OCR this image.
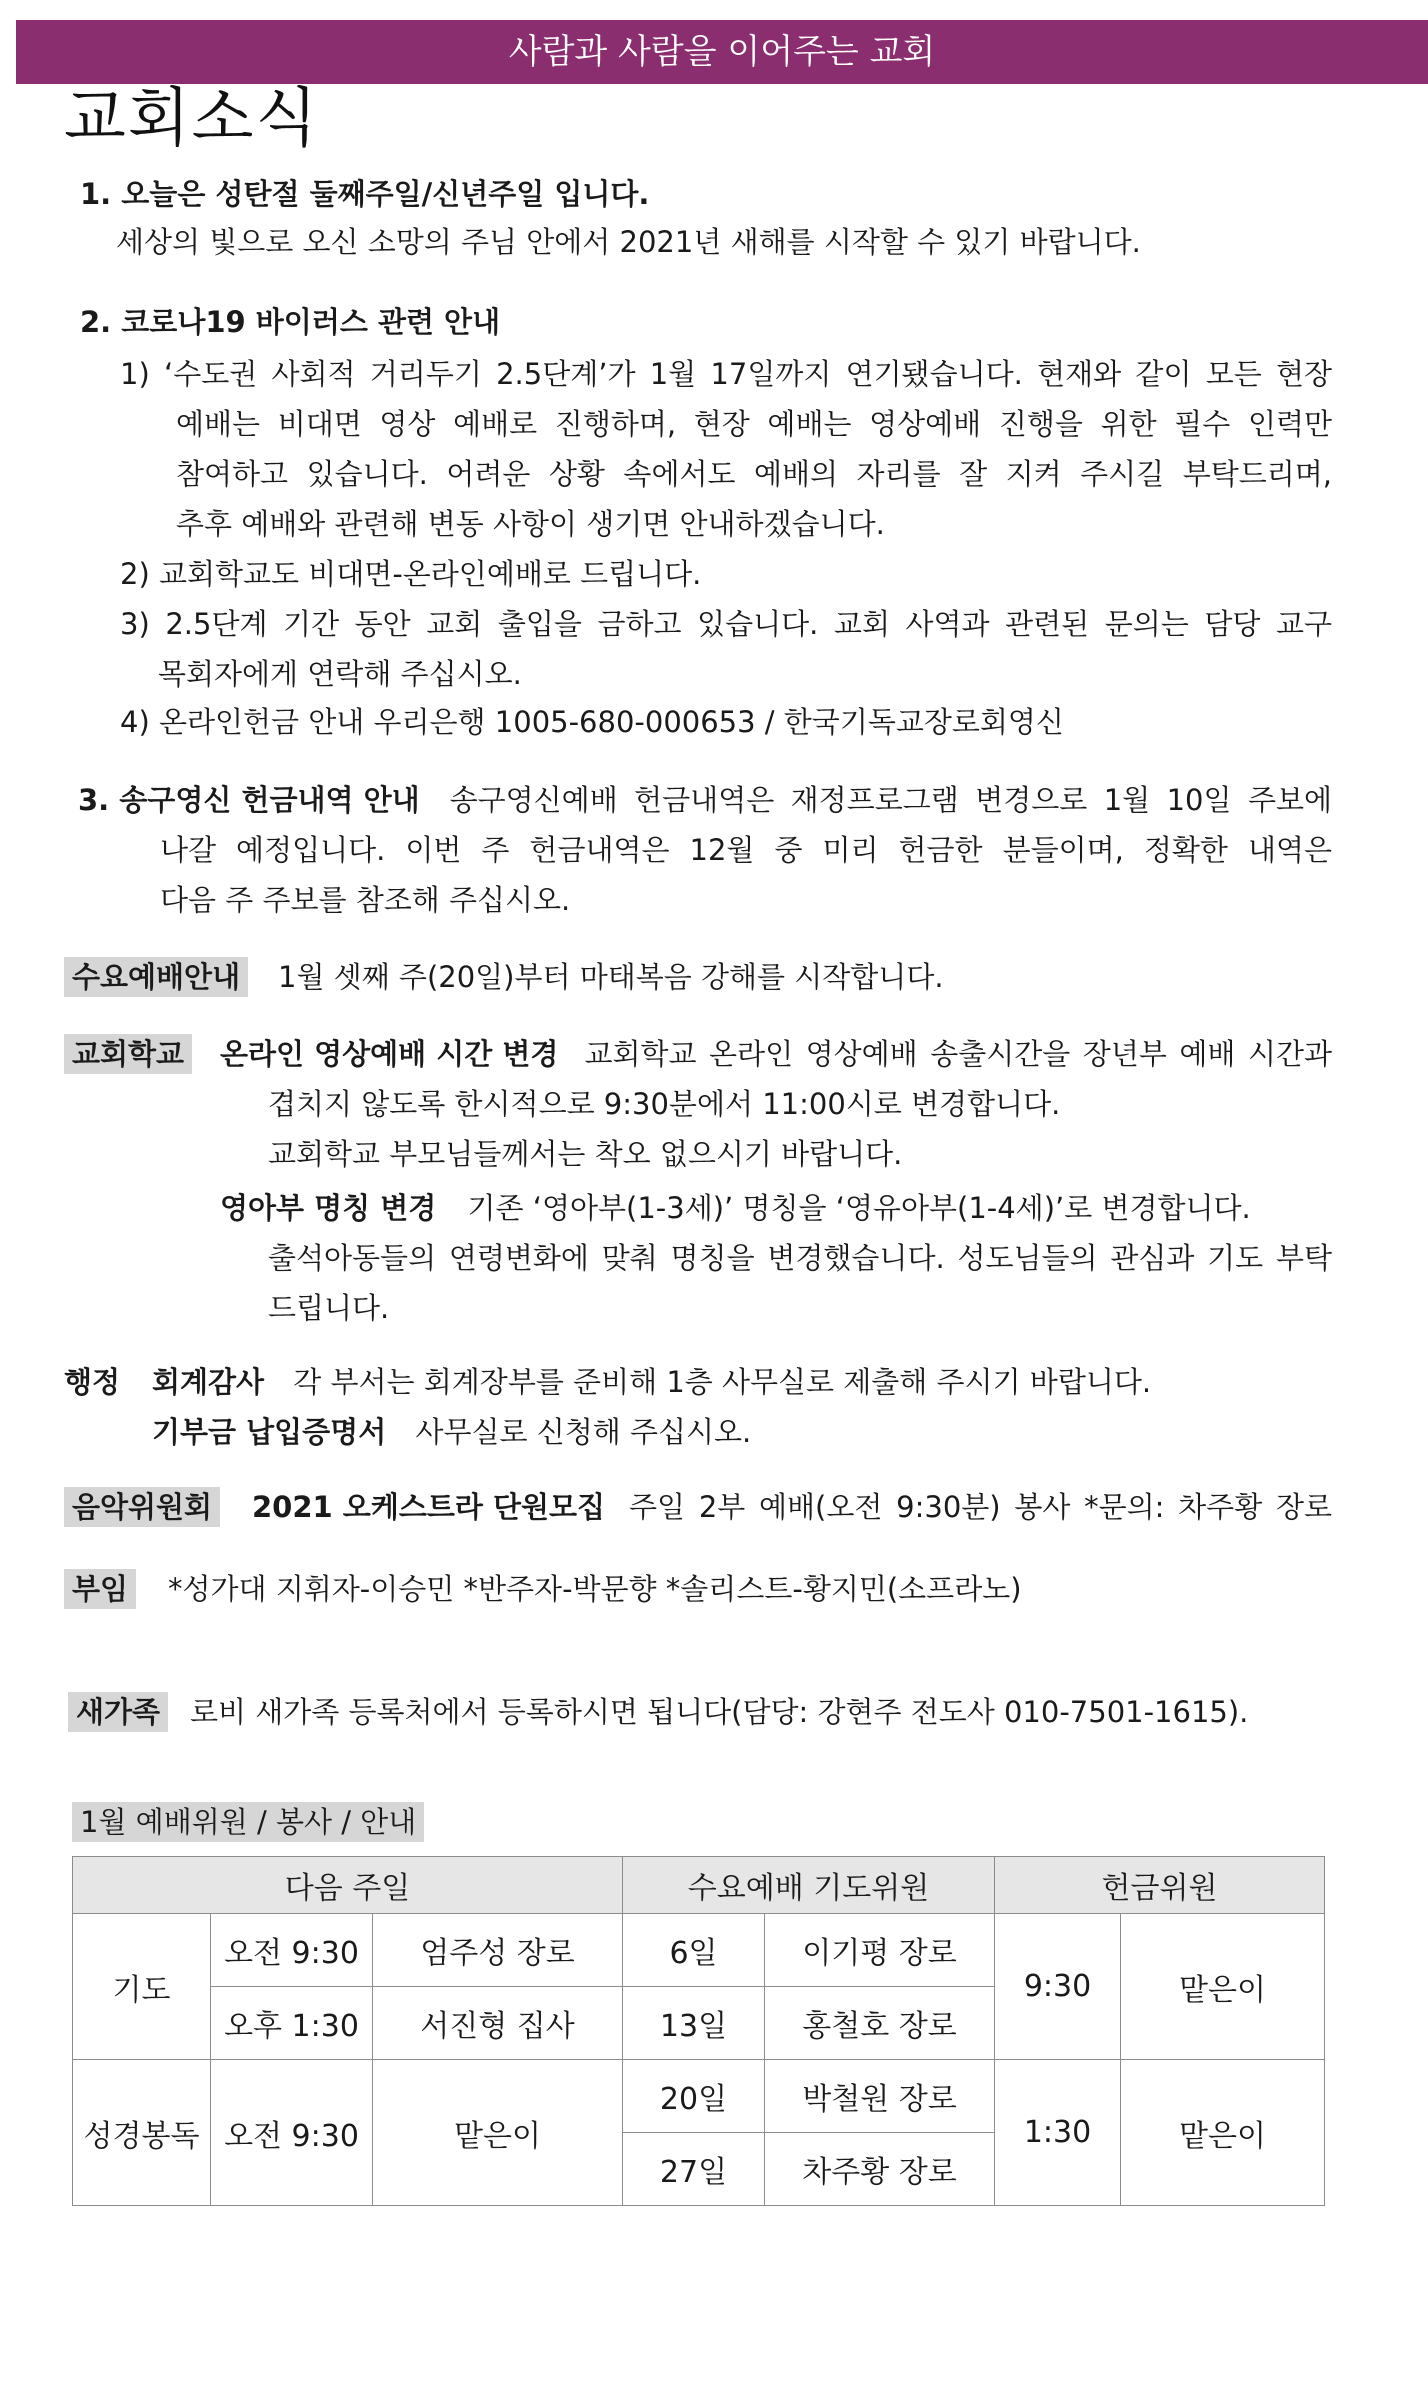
사람과 사람을 이어주는 교회
교회소식
1. 오늘은 성탄절 둘째주일/신년주일 입니다.
세상의 빛으로 오신 소망의 주님 안에서 2021년 새해를 시작할 수 있기 바랍니다.
2. 코로나19 바이러스 관련 안내
1) ‘수도권 사회적 거리두기 2.5단계’가 1월 17일까지 연기됐습니다. 현재와 같이 모든 현장
예배는 비대면 영상 예배로 진행하며, 현장 예배는 영상예배 진행을 위한 필수 인력만
참여하고 있습니다. 어려운 상황 속에서도 예배의 자리를 잘 지켜 주시길 부탁드리며,
추후 예배와 관련해 변동 사항이 생기면 안내하겠습니다.
2) 교회학교도 비대면-온라인예배로 드립니다.
3) 2.5단계 기간 동안 교회 출입을 금하고 있습니다. 교회 사역과 관련된 문의는 담당 교구
목회자에게 연락해 주십시오.
4) 온라인헌금 안내 우리은행 1005-680-000653 / 한국기독교장로회영신
3. 송구영신 헌금내역 안내 송구영신예배 헌금내역은 재정프로그램 변경으로 1월 10일 주보에
나갈 예정입니다. 이번 주 헌금내역은 12월 중 미리 헌금한 분들이며, 정확한 내역은
다음 주 주보를 참조해 주십시오.
수요예배안내 1월 셋째 주(20일)부터 마태복음 강해를 시작합니다.
교회학교 온라인 영상예배 시간 변경 교회학교 온라인 영상예배 송출시간을 장년부 예배 시간과
겹치지 않도록 한시적으로 9:30분에서 11:00시로 변경합니다.
교회학교 부모님들께서는 착오 없으시기 바랍니다.
영아부 명칭 변경 기존 ‘영아부(1-3세)’ 명칭을 ‘영유아부(1-4세)’로 변경합니다.
출석아동들의 연령변화에 맞춰 명칭을 변경했습니다. 성도님들의 관심과 기도 부탁
드립니다.
행정 회계감사 각 부서는 회계장부를 준비해 1층 사무실로 제출해 주시기 바랍니다.
기부금 납입증명서 사무실로 신청해 주십시오.
음악위원회 2021 오케스트라 단원모집 주일 2부 예배(오전 9:30분) 봉사 *문의: 차주황 장로
부임 *성가대 지휘자-이승민 *반주자-박문향 *솔리스트-황지민(소프라노)
새가족 로비 새가족 등록처에서 등록하시면 됩니다(담당: 강현주 전도사 010-7501-1615).
1월 예배위원 / 봉사 / 안내
다음 주일			수요예배 기도위원		헌금위원	
기도	오전 9:30	엄주성 장로	6일	이기평 장로	9:30	맡은이
	오후 1:30	서진형 집사	13일	홍철호 장로		
성경봉독	오전 9:30	맡은이	20일	박철원 장로	1:30	맡은이
			27일	차주황 장로		
